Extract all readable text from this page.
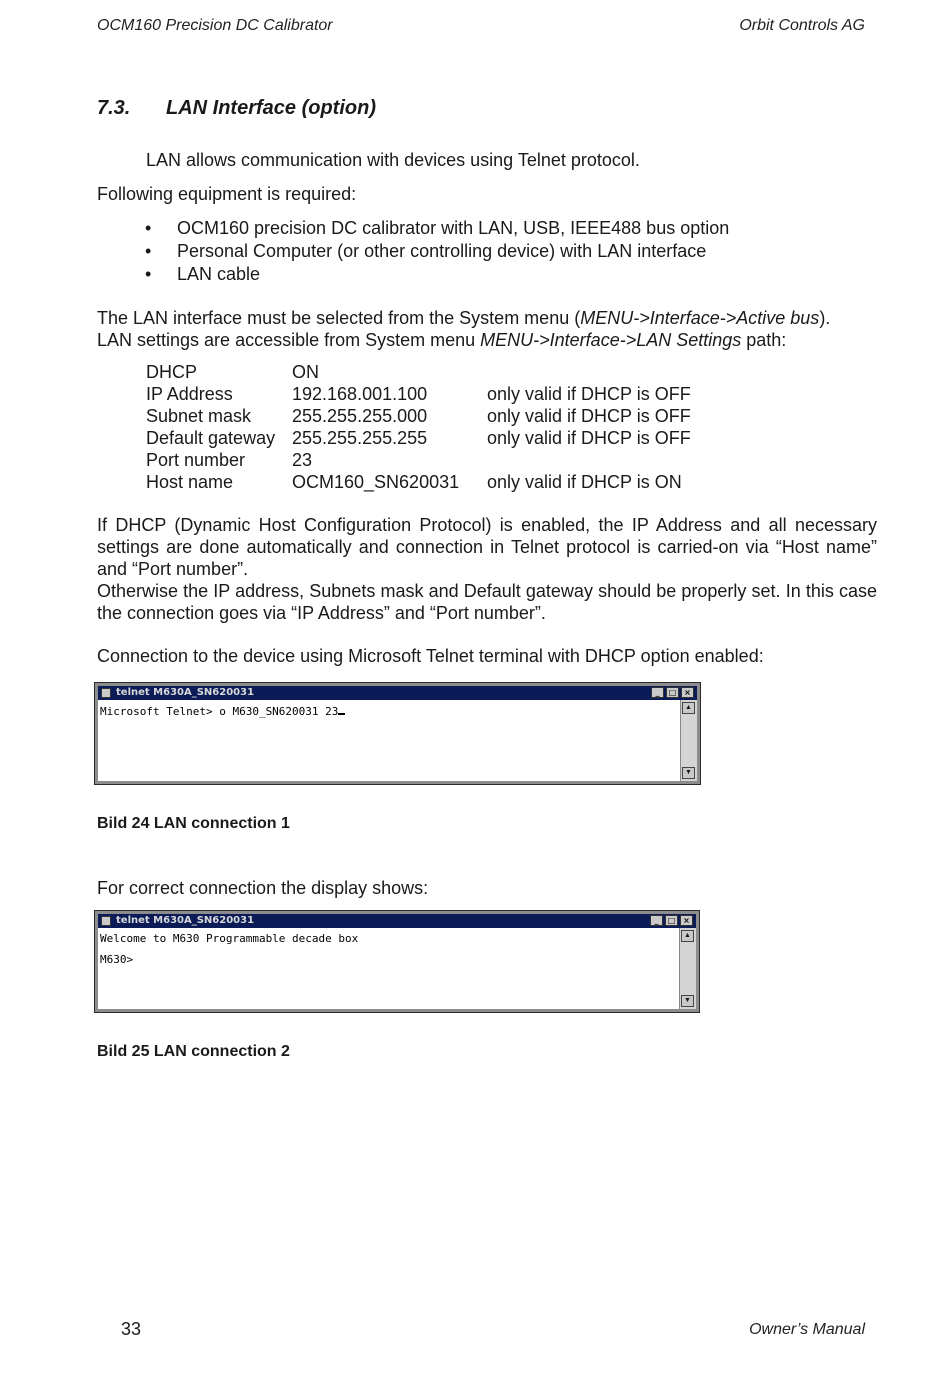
OCM160 Precision DC Calibrator	Orbit Controls AG
7.3. LAN Interface (option)
LAN allows communication with devices using Telnet protocol.
Following equipment is required:
• OCM160 precision DC calibrator with LAN, USB, IEEE488 bus option
• Personal Computer (or other controlling device) with LAN interface
• LAN cable
The LAN interface must be selected from the System menu (MENU->Interface->Active bus).
LAN settings are accessible from System menu MENU->Interface->LAN Settings path:
DHCP	ON	
IP Address	192.168.001.100	only valid if DHCP is OFF
Subnet mask	255.255.255.000	only valid if DHCP is OFF
Default gateway	255.255.255.255	only valid if DHCP is OFF
Port number	23	
Host name	OCM160_SN620031	only valid if DHCP is ON
If DHCP (Dynamic Host Configuration Protocol) is enabled, the IP Address and all necessary settings are done automatically and connection in Telnet protocol is carried-on via “Host name” and “Port number”.
Otherwise the IP address, Subnets mask and Default gateway should be properly set. In this case the connection goes via “IP Address” and “Port number”.
Connection to the device using Microsoft Telnet terminal with DHCP option enabled:
telnet M630A_SN620031	_	□ ×
Microsoft Telnet> o M630_SN620031 23	▲
▼
Bild 24 LAN connection 1
For correct connection the display shows:
telnet M630A_SN620031	_	□ ×
Welcome to M630 Programmable decade box
M630>
▲
▼
Bild 25 LAN connection 2
33	Owner’s Manual
